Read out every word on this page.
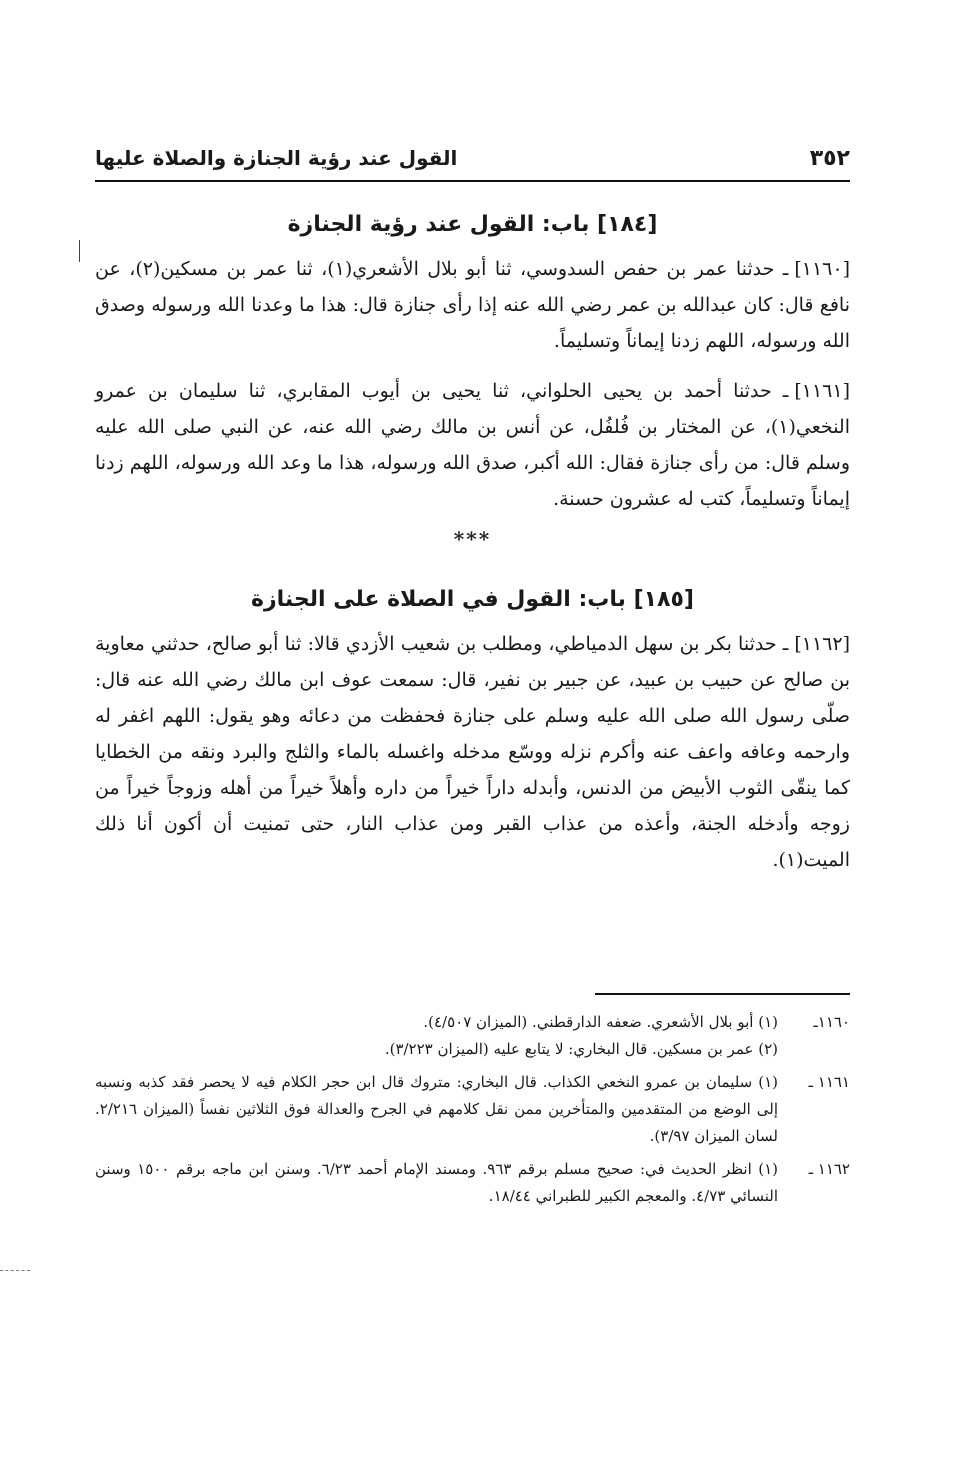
٣٥٢
القول عند رؤية الجنازة والصلاة عليها
[١٨٤] باب: القول عند رؤية الجنازة

[١١٦٠]ـ حدثنا عمر بن حفص السدوسي، ثنا أبو بلال الأشعري(١)، ثنا عمر بن مسكين(٢)، عن نافع قال: كان عبدالله بن عمر رضي الله عنه إذا رأى جنازة قال: هذا ما وعدنا الله ورسوله وصدق الله ورسوله، اللهم زدنا إيماناً وتسليماً.

[١١٦١]ـ حدثنا أحمد بن يحيى الحلواني، ثنا يحيى بن أيوب المقابري، ثنا سليمان بن عمرو النخعي(١)، عن المختار بن فُلفُل، عن أنس بن مالك رضي الله عنه، عن النبي صلى الله عليه وسلم قال: من رأى جنازة فقال: الله أكبر، صدق الله ورسوله، هذا ما وعد الله ورسوله، اللهم زدنا إيماناً وتسليماً، كتب له عشرون حسنة.

***
[١٨٥] باب: القول في الصلاة على الجنازة

[١١٦٢]ـ حدثنا بكر بن سهل الدمياطي، ومطلب بن شعيب الأزدي قالا: ثنا أبو صالح، حدثني معاوية بن صالح عن حبيب بن عبيد، عن جبير بن نفير، قال: سمعت عوف ابن مالك رضي الله عنه قال: صلّى رسول الله صلى الله عليه وسلم على جنازة فحفظت من دعائه وهو يقول: اللهم اغفر له وارحمه وعافه واعف عنه وأكرم نزله ووسّع مدخله واغسله بالماء والثلج والبرد ونقه من الخطايا كما ينقّى الثوب الأبيض من الدنس، وأبدله داراً خيراً من داره وأهلاً خيراً من أهله وزوجاً خيراً من زوجه وأدخله الجنة، وأعذه من عذاب القبر ومن عذاب النار، حتى تمنيت أن أكون أنا ذلك الميت(١).

١١٦٠ـ
(١) أبو بلال الأشعري. ضعفه الدارقطني. (الميزان ٤/٥٠٧).
(٢) عمر بن مسكين. قال البخاري: لا يتابع عليه (الميزان ٣/٢٢٣).
١١٦١ ـ
(١) سليمان بن عمرو النخعي الكذاب. قال البخاري: متروك قال ابن حجر الكلام فيه لا يحصر فقد كذبه ونسبه إلى الوضع من المتقدمين والمتأخرين ممن نقل كلامهم في الجرح والعدالة فوق الثلاثين نفساً (الميزان ٢/٢١٦. لسان الميزان ٣/٩٧).
١١٦٢ ـ
(١) انظر الحديث في: صحيح مسلم برقم ٩٦٣. ومسند الإمام أحمد ٦/٢٣. وسنن ابن ماجه برقم ١٥٠٠ وسنن النسائي ٤/٧٣. والمعجم الكبير للطبراني ١٨/٤٤.
